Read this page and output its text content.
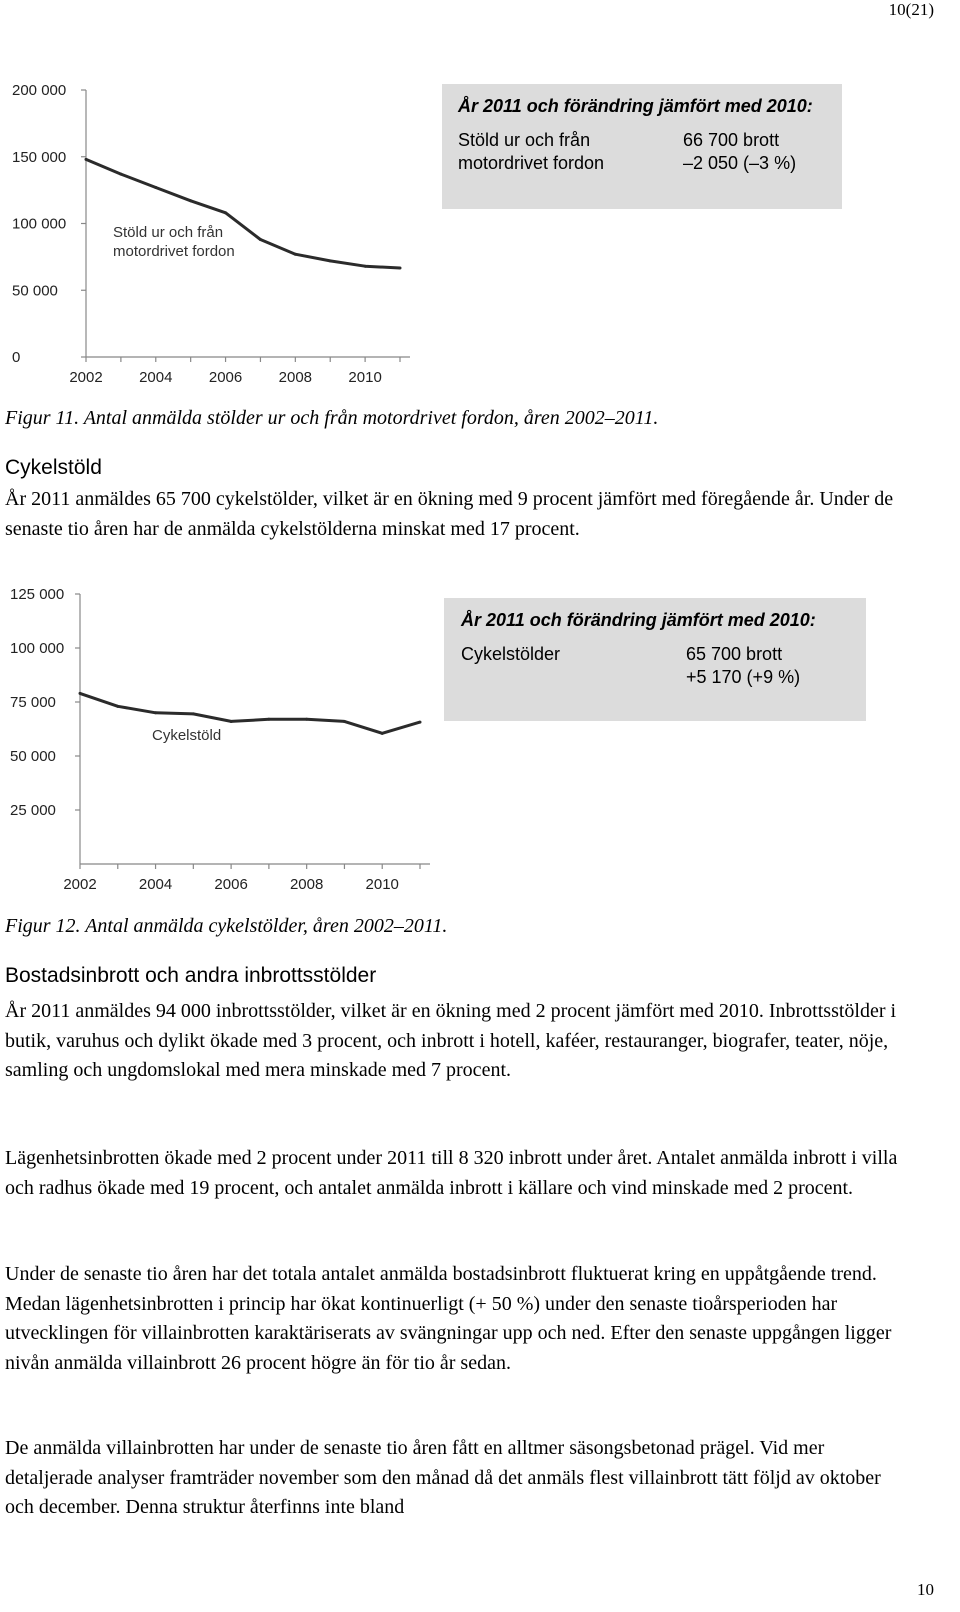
10(21)
200 000
150 000
100 000
50 000
0
2002 2004 2006 2008 2010
Stöld ur och från
motordrivet fordon
År 2011 och förändring jämfört med 2010:
Stöld ur och från	66 700 brott
motordrivet fordon	–2 050 (–3 %)
Figur 11. Antal anmälda stölder ur och från motordrivet fordon, åren 2002–2011.
Cykelstöld

År 2011 anmäldes 65 700 cykelstölder, vilket är en ökning med 9 procent jämfört med föregående år. Under de senaste tio åren har de anmälda cykelstölderna minskat med 17 procent.

125 000
100 000
75 000
50 000
25 000
2002	2004	2006	2008	2010
Cykelstöld
År 2011 och förändring jämfört med 2010:
Cykelstölder	65 700 brott
+5 170 (+9 %)
Figur 12. Antal anmälda cykelstölder, åren 2002–2011.
Bostadsinbrott och andra inbrottsstölder

År 2011 anmäldes 94 000 inbrottsstölder, vilket är en ökning med 2 procent jämfört med 2010. Inbrottsstölder i butik, varuhus och dylikt ökade med 3 procent, och inbrott i hotell, kaféer, restauranger, biografer, teater, nöje, samling och ungdomslokal med mera minskade med 7 procent.

Lägenhetsinbrotten ökade med 2 procent under 2011 till 8 320 inbrott under året. Antalet anmälda inbrott i villa och radhus ökade med 19 procent, och antalet anmälda inbrott i källare och vind minskade med 2 procent.

Under de senaste tio åren har det totala antalet anmälda bostadsinbrott fluktuerat kring en uppåtgående trend. Medan lägenhetsinbrotten i princip har ökat kontinuerligt (+ 50 %) under den senaste tioårsperioden har utvecklingen för villainbrotten karaktäriserats av svängningar upp och ned. Efter den senaste uppgången ligger nivån anmälda villainbrott 26 procent högre än för tio år sedan.

De anmälda villainbrotten har under de senaste tio åren fått en alltmer säsongsbetonad prägel. Vid mer detaljerade analyser framträder november som den månad då det anmäls flest villainbrott tätt följd av oktober och december. Denna struktur återfinns inte bland

10
